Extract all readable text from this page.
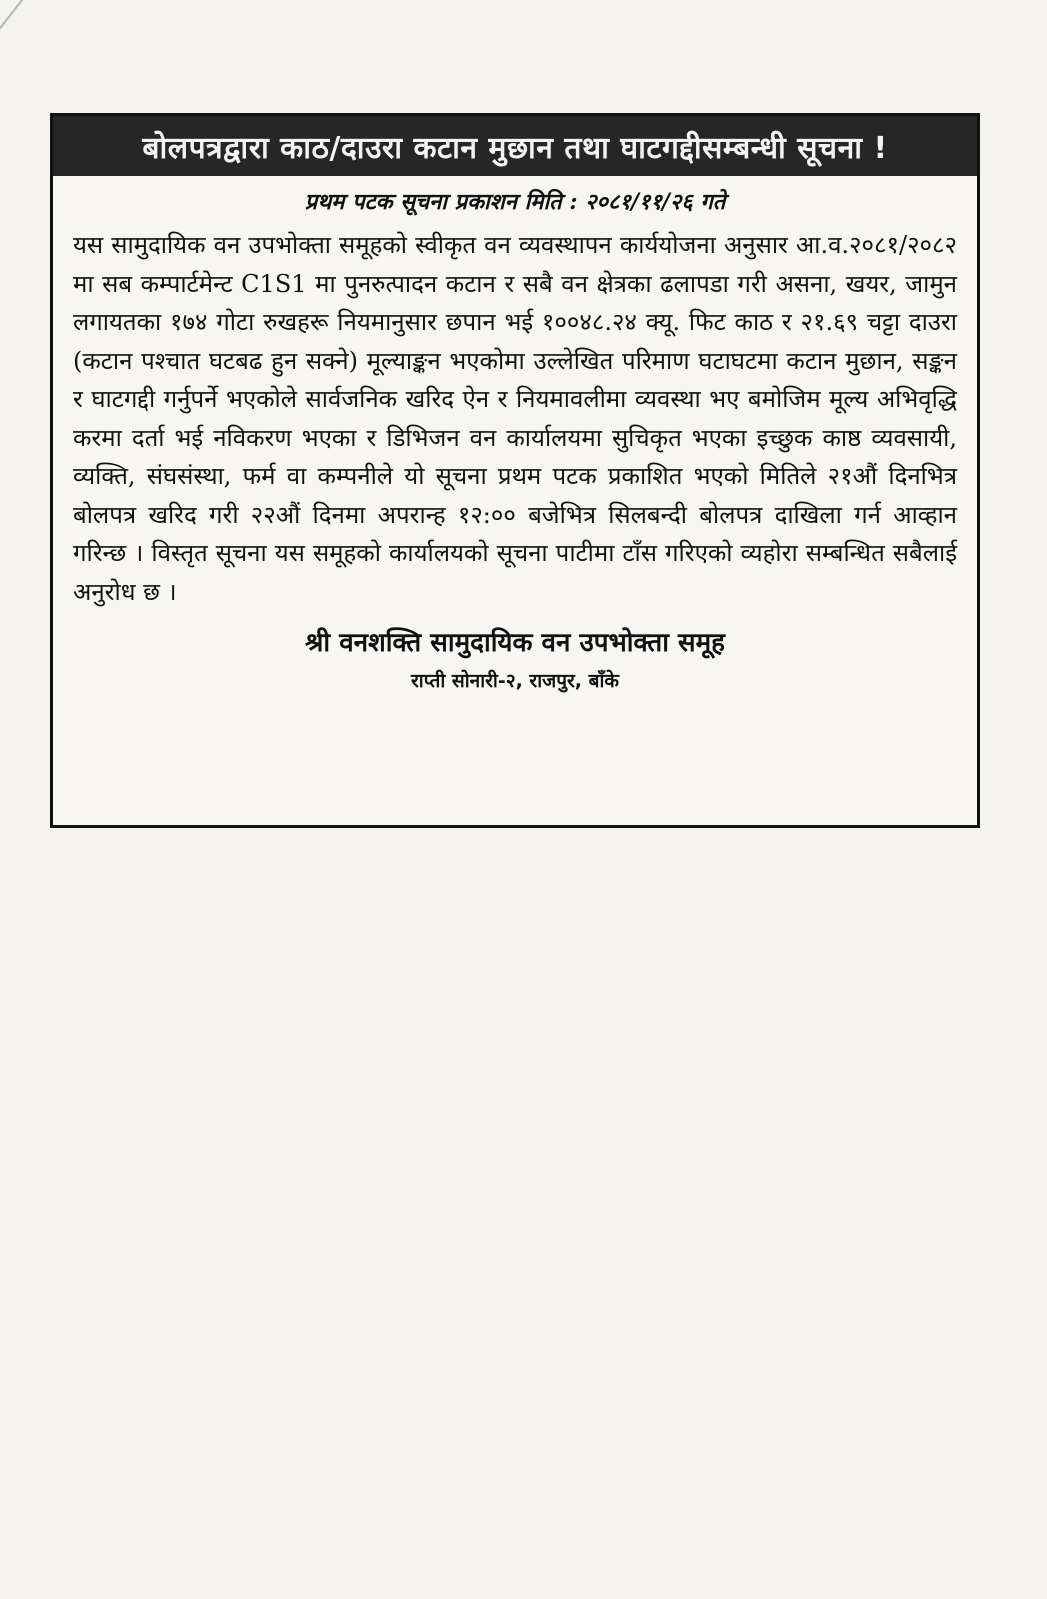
बोलपत्रद्वारा काठ/दाउरा कटान मुछान तथा घाटगद्दीसम्बन्धी सूचना !
प्रथम पटक सूचना प्रकाशन मिति : २०८१/११/२६ गते
यस सामुदायिक वन उपभोक्ता समूहको स्वीकृत वन व्यवस्थापन कार्ययोजना अनुसार आ.व.२०८१/२०८२ मा सब कम्पार्टमेन्ट C1S1 मा पुनरुत्पादन कटान र सबै वन क्षेत्रका ढलापडा गरी असना, खयर, जामुन लगायतका १७४ गोटा रुखहरू नियमानुसार छपान भई १००४८.२४ क्यू. फिट काठ र २१.६९ चट्टा दाउरा (कटान पश्चात घटबढ हुन सक्ने) मूल्याङ्कन भएकोमा उल्लेखित परिमाण घटाघटमा कटान मुछान, सङ्कन र घाटगद्दी गर्नुपर्ने भएकोले सार्वजनिक खरिद ऐन र नियमावलीमा व्यवस्था भए बमोजिम मूल्य अभिवृद्धि करमा दर्ता भई नविकरण भएका र डिभिजन वन कार्यालयमा सुचिकृत भएका इच्छुक काष्ठ व्यवसायी, व्यक्ति, संघसंस्था, फर्म वा कम्पनीले यो सूचना प्रथम पटक प्रकाशित भएको मितिले २१औं दिनभित्र बोलपत्र खरिद गरी २२औं दिनमा अपरान्ह १२:०० बजेभित्र सिलबन्दी बोलपत्र दाखिला गर्न आव्हान गरिन्छ । विस्तृत सूचना यस समूहको कार्यालयको सूचना पाटीमा टाँस गरिएको व्यहोरा सम्बन्धित सबैलाई अनुरोध छ ।
श्री वनशक्ति सामुदायिक वन उपभोक्ता समूह
राप्ती सोनारी-२, राजपुर, बाँके
